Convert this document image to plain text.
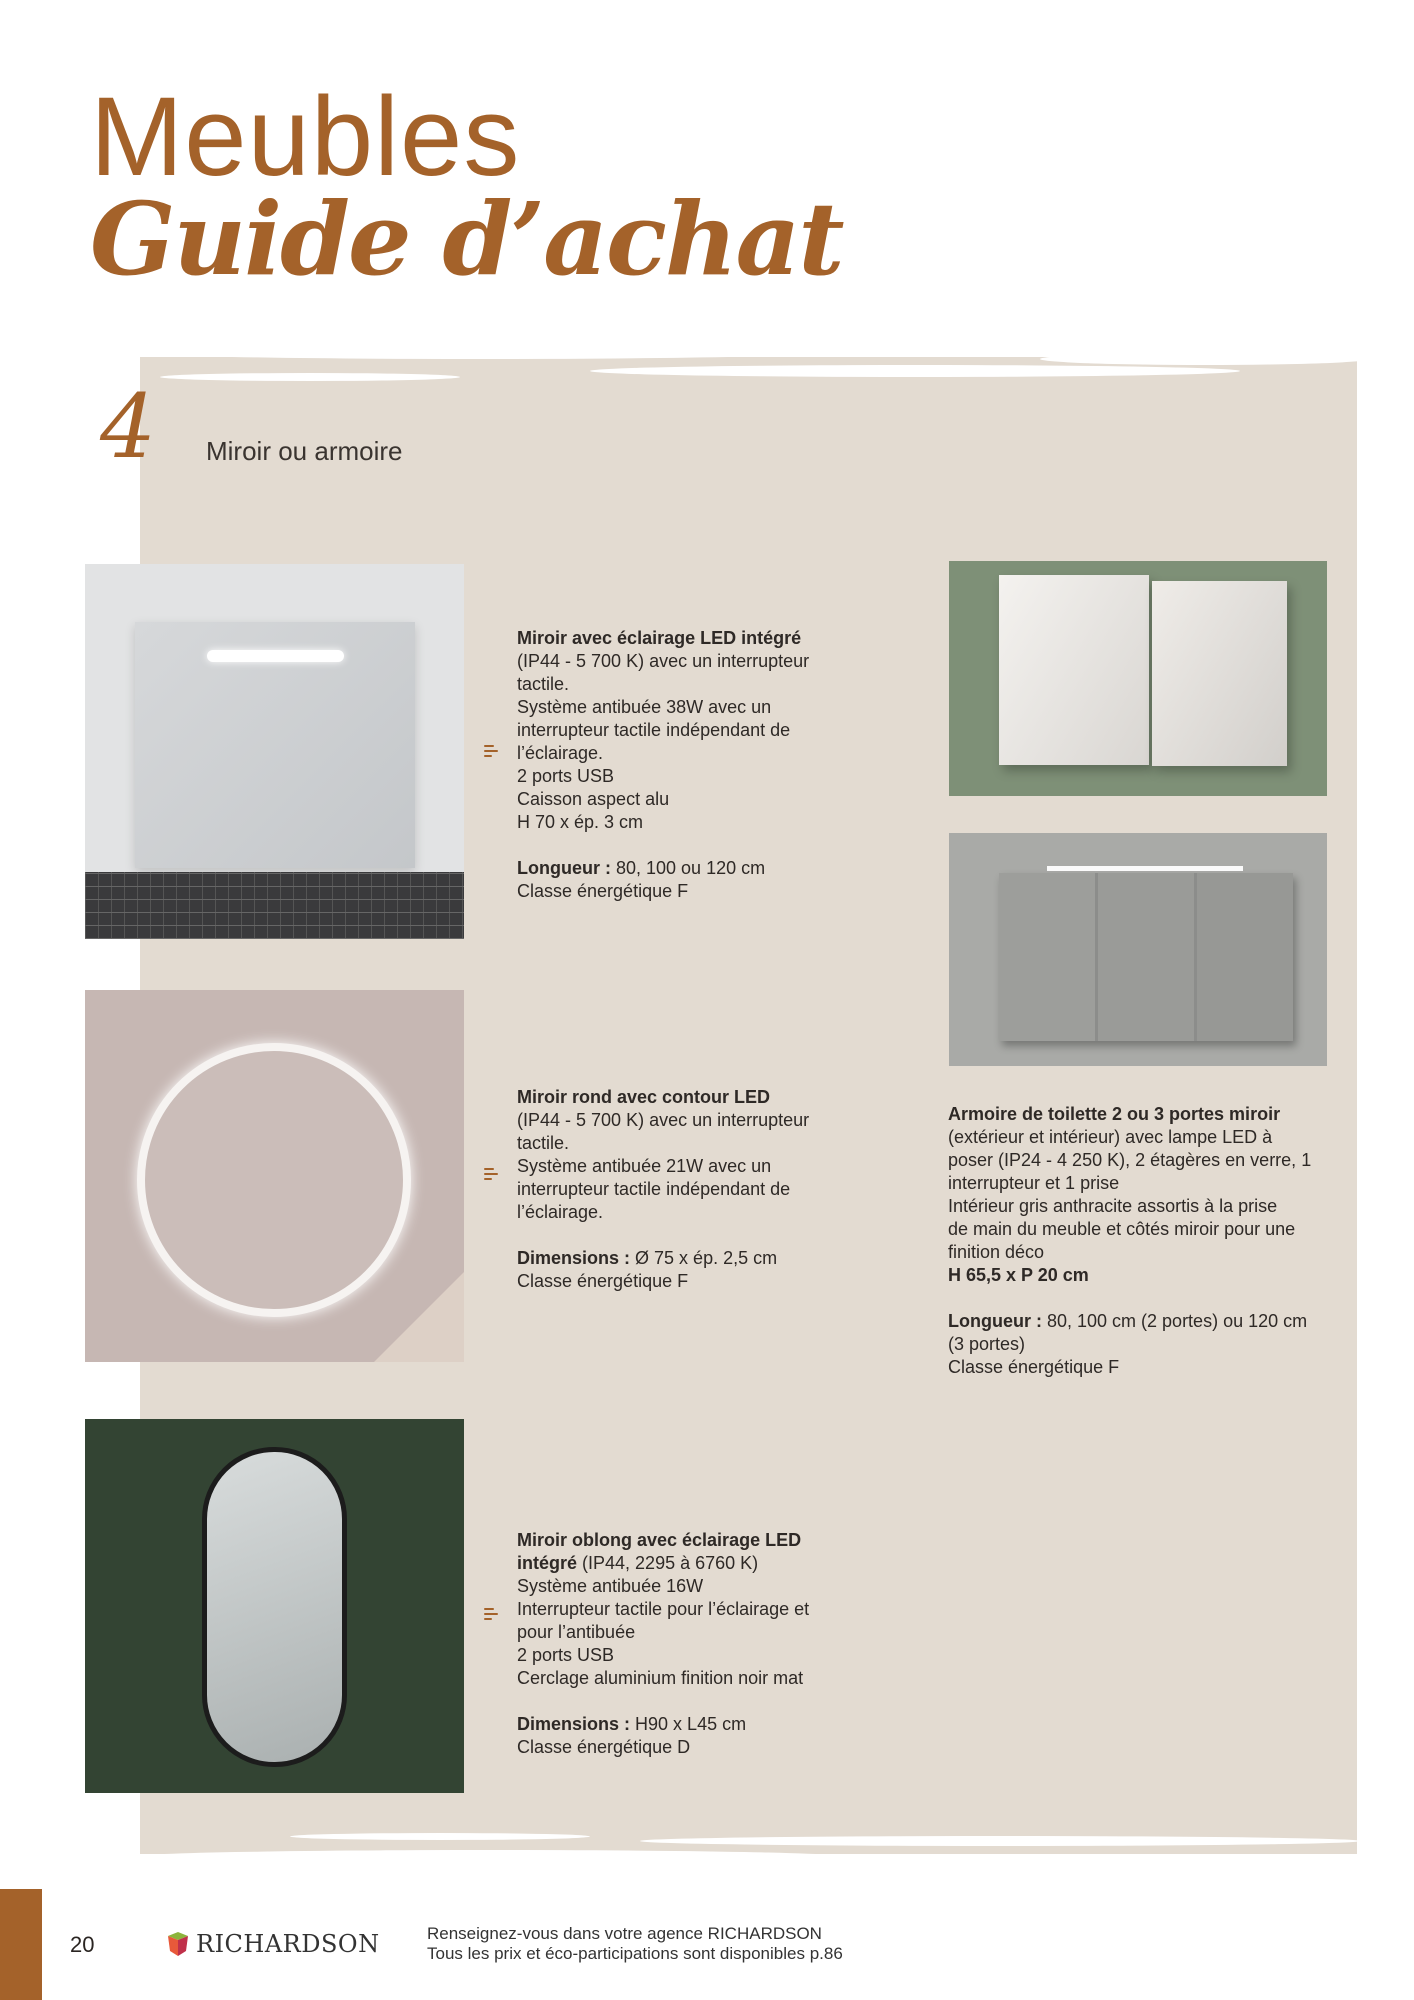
Meubles
Guide d’achat
4 Miroir ou armoire
Miroir avec éclairage LED intégré
(IP44 - 5 700 K) avec un interrupteur
tactile.
Système antibuée 38W avec un
interrupteur tactile indépendant de
l’éclairage.
2 ports USB
Caisson aspect alu
H 70 x ép. 3 cm
Longueur : 80, 100 ou 120 cm
Classe énergétique F
Miroir rond avec contour LED
(IP44 - 5 700 K) avec un interrupteur
tactile.
Système antibuée 21W avec un
interrupteur tactile indépendant de
l’éclairage.
Dimensions : Ø 75 x ép. 2,5 cm
Classe énergétique F
Miroir oblong avec éclairage LED
intégré (IP44, 2295 à 6760 K)
Système antibuée 16W
Interrupteur tactile pour l’éclairage et
pour l’antibuée
2 ports USB
Cerclage aluminium finition noir mat
Dimensions : H90 x L45 cm
Classe énergétique D
Armoire de toilette 2 ou 3 portes miroir
(extérieur et intérieur) avec lampe LED à
poser (IP24 - 4 250 K), 2 étagères en verre, 1
interrupteur et 1 prise
Intérieur gris anthracite assortis à la prise
de main du meuble et côtés miroir pour une
finition déco
H 65,5 x P 20 cm
Longueur : 80, 100 cm (2 portes) ou 120 cm
(3 portes)
Classe énergétique F
20	RICHARDSON	Renseignez-vous dans votre agence RICHARDSON
Tous les prix et éco-participations sont disponibles p.86
